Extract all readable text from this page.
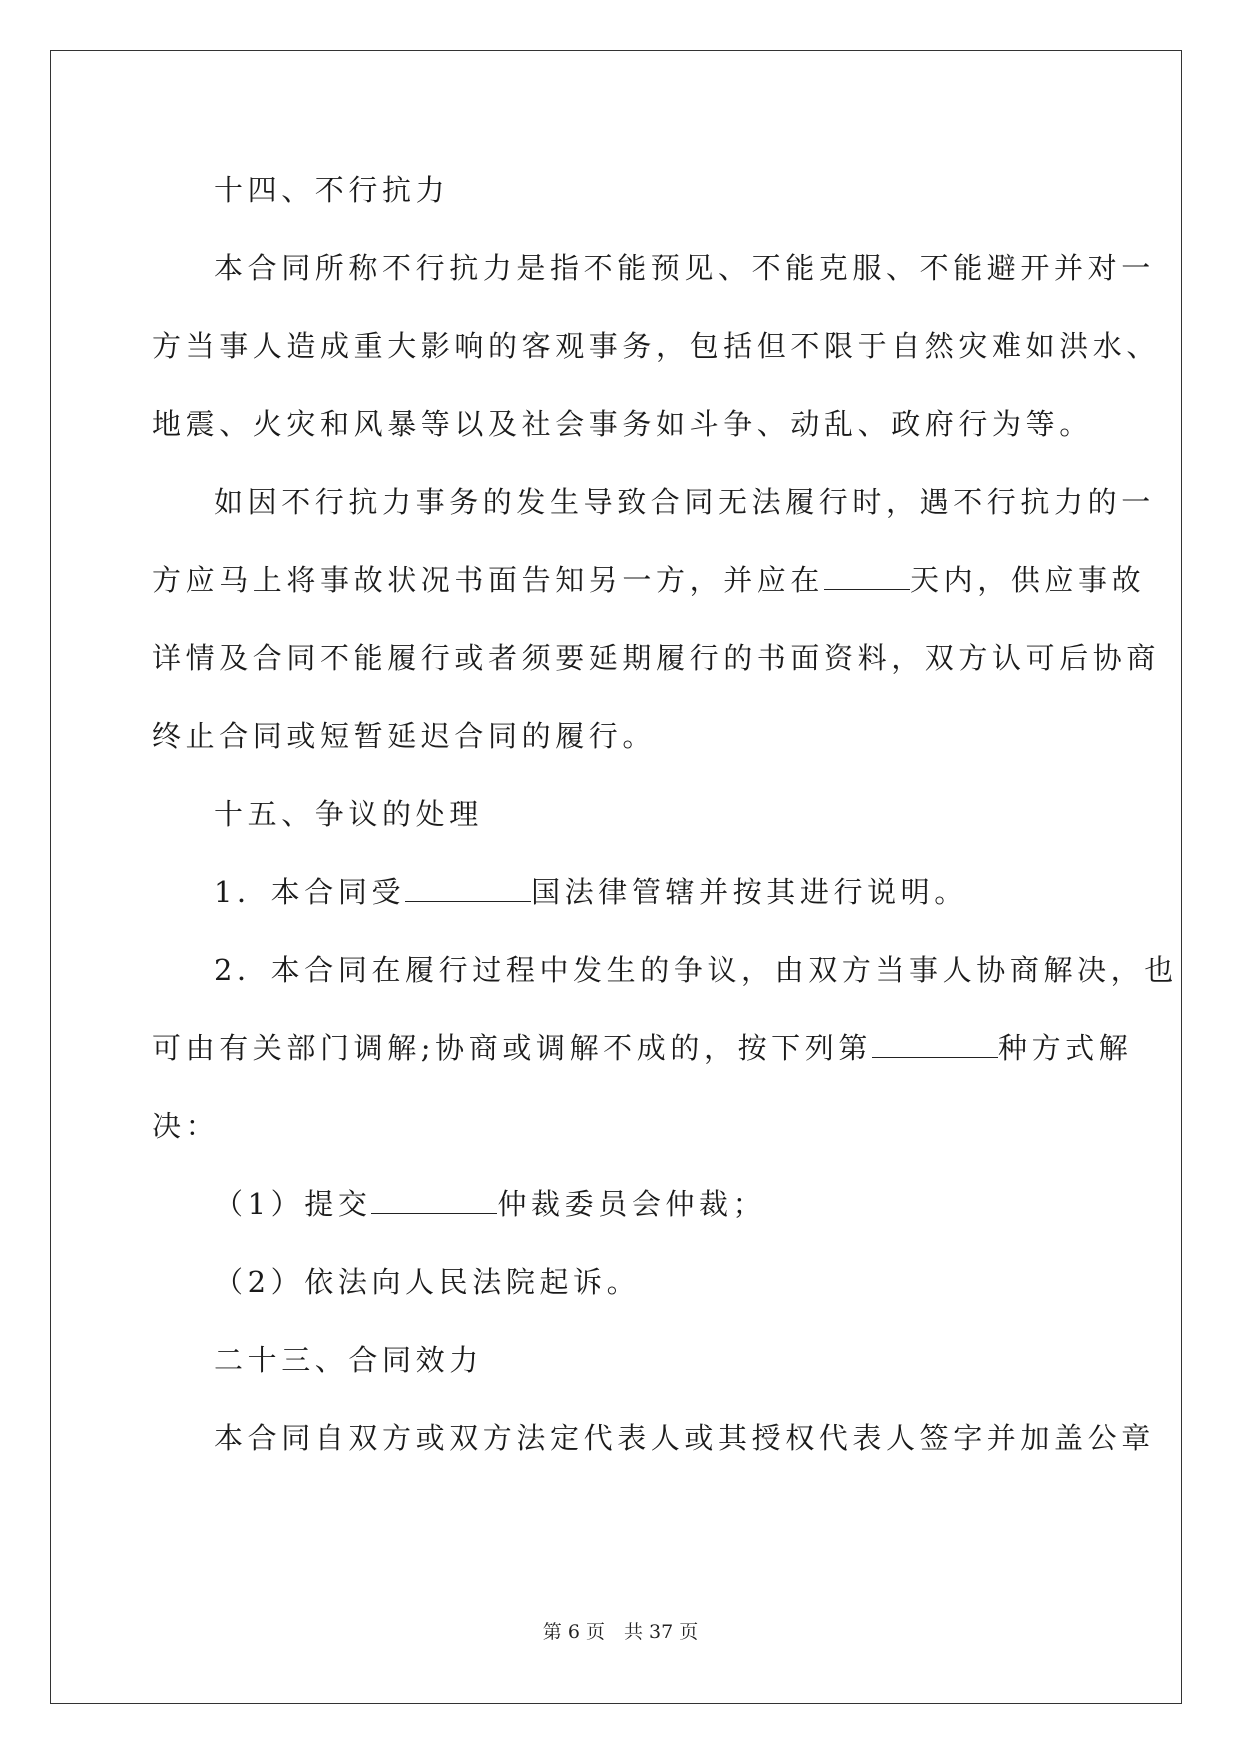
十四、不行抗力
本合同所称不行抗力是指不能预见、不能克服、不能避开并对一
方当事人造成重大影响的客观事务，包括但不限于自然灾难如洪水、
地震、火灾和风暴等以及社会事务如斗争、动乱、政府行为等。
如因不行抗力事务的发生导致合同无法履行时，遇不行抗力的一
方应马上将事故状况书面告知另一方，并应在	天内，供应事故
详情及合同不能履行或者须要延期履行的书面资料，双方认可后协商
终止合同或短暂延迟合同的履行。
十五、争议的处理
1．本合同受	国法律管辖并按其进行说明。
2．本合同在履行过程中发生的争议，由双方当事人协商解决，也
可由有关部门调解;协商或调解不成的，按下列第	种方式解
决：
（1）提交	仲裁委员会仲裁；
（2）依法向人民法院起诉。
二十三、合同效力
本合同自双方或双方法定代表人或其授权代表人签字并加盖公章
第 6 页　共 37 页
